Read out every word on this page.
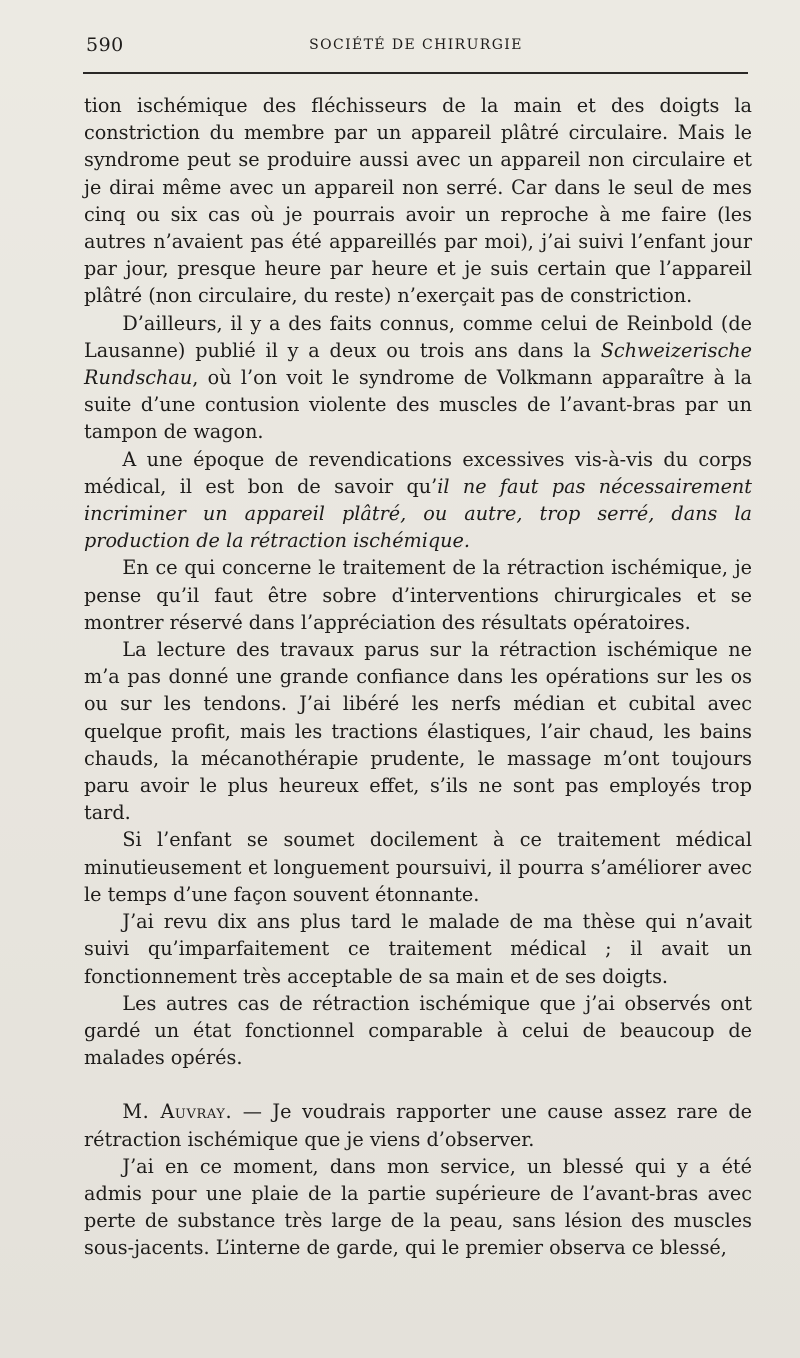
590	SOCIÉTÉ DE CHIRURGIE

tion ischémique des fléchisseurs de la main et des doigts la constriction du membre par un appareil plâtré circulaire. Mais le syndrome peut se produire aussi avec un appareil non circulaire et je dirai même avec un appareil non serré. Car dans le seul de mes cinq ou six cas où je pourrais avoir un reproche à me faire (les autres n’avaient pas été appareillés par moi), j’ai suivi l’enfant jour par jour, presque heure par heure et je suis certain que l’appareil plâtré (non circulaire, du reste) n’exerçait pas de constriction.

D’ailleurs, il y a des faits connus, comme celui de Reinbold (de Lausanne) publié il y a deux ou trois ans dans la Schweizerische Rundschau, où l’on voit le syndrome de Volkmann apparaître à la suite d’une contusion violente des muscles de l’avant-bras par un tampon de wagon.

A une époque de revendications excessives vis-à-vis du corps médical, il est bon de savoir qu’il ne faut pas nécessairement incriminer un appareil plâtré, ou autre, trop serré, dans la production de la rétraction ischémique.

En ce qui concerne le traitement de la rétraction ischémique, je pense qu’il faut être sobre d’interventions chirurgicales et se montrer réservé dans l’appréciation des résultats opératoires.

La lecture des travaux parus sur la rétraction ischémique ne m’a pas donné une grande confiance dans les opérations sur les os ou sur les tendons. J’ai libéré les nerfs médian et cubital avec quelque profit, mais les tractions élastiques, l’air chaud, les bains chauds, la mécanothérapie prudente, le massage m’ont toujours paru avoir le plus heureux effet, s’ils ne sont pas employés trop tard.

Si l’enfant se soumet docilement à ce traitement médical minutieusement et longuement poursuivi, il pourra s’améliorer avec le temps d’une façon souvent étonnante.

J’ai revu dix ans plus tard le malade de ma thèse qui n’avait suivi qu’imparfaitement ce traitement médical ; il avait un fonctionnement très acceptable de sa main et de ses doigts.

Les autres cas de rétraction ischémique que j’ai observés ont gardé un état fonctionnel comparable à celui de beaucoup de malades opérés.

M. Auvray. — Je voudrais rapporter une cause assez rare de rétraction ischémique que je viens d’observer.

J’ai en ce moment, dans mon service, un blessé qui y a été admis pour une plaie de la partie supérieure de l’avant-bras avec perte de substance très large de la peau, sans lésion des muscles sous-jacents. L’interne de garde, qui le premier observa ce blessé,
